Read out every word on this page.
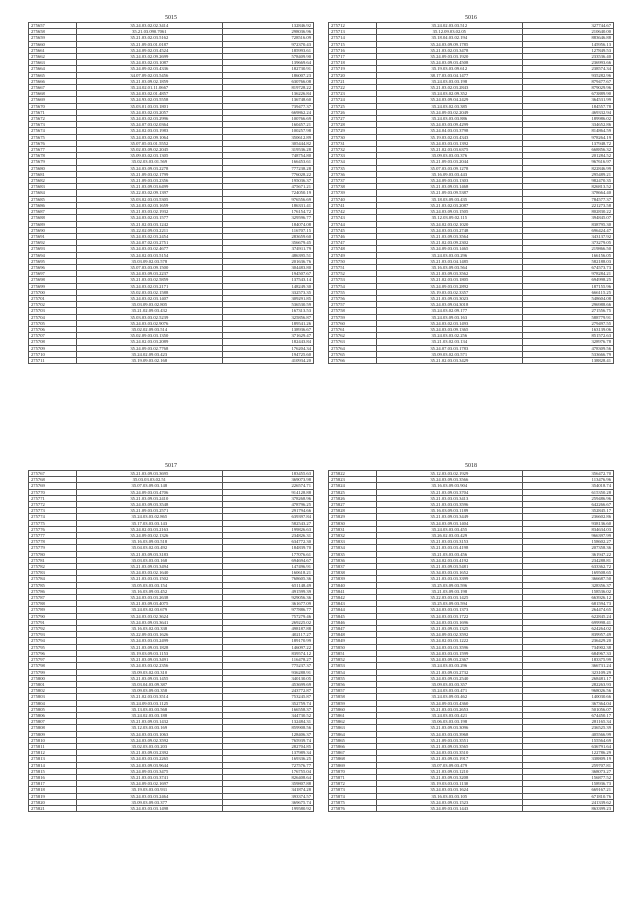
5015
275657	35.24.03.02.02.3414	132846.92
275658	35.21.03.090.7061	298036.96
275659	35.21.03.02.03.5162	728516.09
275660	35.21.09.03.01.0187	972370.43
275661	35.24.09.02.03.4524	185993.61
275662	35.24.03.02.09.2699	578409.90
275663	35.24.03.02.03.1087	139669.64
275664	35.24.09.02.03.4336	182730.91
275665	34.07.09.02.03.5456	186007.23
275666	35.21.03.09.02.1859	630766.08
275667	35.24.02.01.11.0667	819728.22
275668	35.24.03.02.01.4857	136226.84
275669	35.24.93.02.03.5558	136748.60
275670	35.03.01.03.03.1801	739477.37
275671	35.24.03.02.03.2057	669862.24
275672	35.24.03.02.03.2996	100766.69
275673	35.24.07.03.02.0364	160457.21
275674	35.24.02.03.03.1983	100257.98
275675	35.24.03.02.09.1064	350612.89
275676	35.07.05.03.01.5552	305444.82
275677	35.02.03.09.02.2045	319536.28
275678	35.09.03.02.03.1305	748754.80
275679	35.02.03.03.01.569	166453.61
275680	35.24.03.09.03.2278	777238.28
275681	35.21.09.03.02.1799	776028.22
275682	35.21.09.03.03.2356	195036.37
275683	35.21.03.09.03.6499	475671.21
275684	35.22.03.02.09.1397	724050.19
275685	35.03.02.03.03.5305	976556.69
275686	35.24.03.02.03.1659	186331.41
275687	35.21.03.03.02.1932	176154.72
275688	35.24.03.02.03.1577	329596.77
275689	35.21.02.03.03.1242	184074.08
275690	35.22.02.09.03.2211	116707.15
275691	35.24.03.02.03.2454	283659.60
275692	35.24.07.02.03.2751	356679.45
275693	35.24.03.03.02.4677	374911.79
275694	35.24.02.03.03.5154	486395.51
275695	35.03.09.02.03.578	201636.76
275696	35.07.03.03.09.1500	304483.80
275697	35.24.03.09.03.2237	194507.67
275698	35.21.03.03.02.5859	137543.14
275699	35.24.03.02.03.2171	148249.30
275700	35.02.03.03.02.1588	332573.35
275701	35.24.03.02.03.1407	309291.85
275702	35.03.09.03.02.805	536530.59
275703	35.21.02.09.03.432	167313.53
275704	35.03.03.03.02.5239	325856.87
275705	35.24.03.03.02.9076	189541.26
275706	35.02.02.09.03.514	138936.67
275707	35.02.09.03.03.1350	371629.47
275708	35.24.02.03.03.2089	182443.84
275709	35.24.09.03.02.7768	176204.34
275710	35.24.02.09.03.423	194725.60
275711	35.19.09.03.02.168	410934.20
5016
275712	35.24.02.03.03.512	327744.67
275713	35.12.09.03.02.05	210640.00
275714	35.18.04.03.02.194	883646.88
275715	35.24.03.09.09.1785	145956.13
275716	35.21.03.02.03.3478	127849.53
275717	35.24.09.03.03.1920	233536.40
275718	35.24.03.09.03.4508	236993.66
275719	35.19.03.03.09.612	238574.34
275720	38.17.03.03.04.1477	935282.96
275721	35.24.03.03.03.198	879477.67
275722	35.21.03.02.03.2843	879029.96
275723	35.24.03.02.09.352	673889.90
275724	35.24.03.09.04.2429	364531.99
275725	35.24.03.02.03.385	184557.78
275726	35.24.09.03.02.2049	469332.94
275727	35.24.03.03.03.886	189986.02
275728	35.24.03.03.09.4299	334652.86
275729	35.24.04.03.03.3798	814864.59
275730	35.19.03.02.03.4343	978264.19
275731	35.24.03.03.03.1392	137948.72
275732	35.21.02.03.03.6375	668856.32
275733	35.09.03.03.03.376	201284.52
275734	35.21.09.03.03.2044	967616.97
275735	35.07.03.03.09.1278	822846.99
275736	35.16.09.03.03.443	295489.21
275737	35.24.09.03.03.1303	982470.35
275738	35.21.03.09.03.1468	826813.52
275739	35.21.09.03.09.5387	378664.40
275740	35.18.03.09.03.435	784577.37
275741	35.21.03.02.03.2087	221273.58
275742	35.24.03.09.03.1505	802830.22
275743	35.12.03.09.02.115	394845.07
275744	35.24.02.03.02.1020	838795.30
275745	35.24.03.03.03.2748	696424.47
275746	35.21.03.09.03.3564	343137.92
275747	35.21.02.03.09.2302	373279.05
275748	35.24.09.03.03.1465	219866.50
275749	35.24.03.03.03.296	166156.05
275750	35.21.03.03.04.1485	582188.03
275751	35.16.03.09.03.564	674573.73
275752	35.21.03.09.03.3562	978284.21
275753	35.21.02.03.03.1805	694998.25
275754	35.24.09.03.03.2892	187155.96
275755	35.19.03.03.02.3357	666115.25
275756	35.21.03.09.03.3023	548604.08
275757	35.24.03.09.04.3018	296988.66
275758	35.24.03.02.09.177	271556.75
275759	35.24.03.09.03.163	588779.91
275760	35.24.03.02.03.1493	279497.55
275761	35.24.03.03.09.1365	163139.06
275762	35.24.03.03.02.256	851572.63
275763	35.21.03.02.03.134	328976.78
275764	35.24.07.03.03.1783	478309.56
275765	35.09.03.02.03.571	533666.79
275766	35.21.02.03.03.3429	138828.41
5017
275767	35.21.03.09.03.3695	183455.63
275768	35.03.03.03.02.51	369073.98
275769	35.07.03.09.03.148	226574.71
275770	35.24.09.03.03.4706	914128.88
275771	35.21.03.09.03.2410	378268.96
275772	35.24.03.09.03.3548	478796.25
275773	35.21.09.03.03.2571	291794.66
275774	35.24.03.03.02.865	639397.84
275775	35.17.03.03.03.143	582543.27
275776	35.24.02.03.03.2163	199826.63
275777	35.24.09.03.02.1326	234826.31
275778	35.16.03.09.03.518	634772.30
275779	35.04.03.02.03.492	184839.70
275780	35.21.03.09.03.3183	177076.61
275781	35.03.03.03.03.168	694694.67
275782	35.21.03.09.03.3494	147496.91
275783	35.24.03.03.02.1640	160618.21
275784	35.21.03.03.03.1502	768605.36
275785	35.05.03.03.03.154	651148.49
275786	35.16.03.09.03.452	491599.39
275787	35.24.03.03.03.2638	929056.36
275788	35.21.03.09.03.4075	361677.09
275789	35.24.03.02.03.679	977886.77
275790	35.24.03.03.02.3624	757279.46
275791	35.24.03.09.03.3641	269225.02
275792	35.16.03.02.03.338	498187.88
275793	35.22.09.03.03.1626	402117.27
275794	35.24.03.03.03.2499	189170.99
275795	35.21.03.09.03.1828	146097.22
275796	35.19.03.09.03.1153	839574.12
275797	35.21.03.09.03.3491	116478.27
275798	35.24.03.03.02.2356	775237.37
275799	35.09.03.02.03.310	936288.91
275800	35.21.03.09.03.1455	340130.05
275801	35.03.04.03.09.387	453699.69
275802	35.09.03.09.03.358	243772.87
275803	35.21.02.03.03.3514	753245.87
275804	35.24.09.03.03.1125	352759.74
275805	35.13.03.03.03.568	166558.37
275806	35.24.02.03.03.188	344730.52
275807	35.21.03.09.03.1432	132484.31
275808	35.12.03.03.03.169	859908.56
275809	35.24.03.03.03.1063	128406.37
275810	35.24.03.09.02.3592	765939.74
275811	35.02.03.03.03.203	282704.85
275812	35.21.03.09.03.2392	137989.34
275813	35.24.03.03.03.2265	169336.25
275814	35.24.03.09.03.9644	727576.77
275815	35.24.09.03.03.3475	176755.04
275816	35.21.03.03.03.3741	826408.64
275817	35.24.09.03.02.1697	359807.88
275818	35.19.03.03.03.931	341874.28
275819	35.24.03.03.03.2464	393374.57
275820	35.09.03.09.03.377	369675.74
275821	35.24.03.03.03.1498	199580.92
5018
275822	35.12.03.03.02.1929	356472.70
275823	35.24.03.09.03.3566	113476.96
275824	35.16.03.09.03.904	354018.74
275825	35.21.03.09.03.3704	615350.28
275826	35.21.03.03.03.3413	259486.96
275827	35.21.03.03.03.3596	642266.67
275828	35.16.03.09.03.1189	352845.17
275829	35.21.03.09.03.3449	236602.86
275830	35.24.03.09.03.1404	938136.60
275831	35.24.03.03.03.455	834634.03
275832	35.26.02.03.03.429	966397.99
275833	35.21.03.03.03.3153	158602.27
275834	35.21.03.03.03.4198	207358.36
275835	35.21.03.03.03.456	361947.22
275836	35.24.02.03.03.4192	234288.81
275837	35.21.03.09.03.5481	633362.72
275838	35.34.03.03.03.1652	169508.65
275839	35.21.03.03.03.3399	366687.50
275840	35.25.03.09.03.596	328356.37
275841	35.21.03.09.03.198	158536.02
275842	35.22.03.03.03.1425	663926.12
275843	35.25.03.09.03.594	681594.73
275844	35.24.03.03.03.1373	264474.65
275845	35.24.03.03.03.1722	622845.24
275846	35.24.03.03.03.1696	699998.41
275847	35.21.03.09.03.1325	624264.02
275848	35.24.09.03.02.3592	839957.49
275849	35.24.02.03.03.1222	236429.20
275850	35.24.03.03.03.3596	734902.38
275851	35.24.03.03.03.1599	684967.33
275852	35.24.03.09.03.2367	183375.99
275853	35.24.03.03.03.296	366731.24
275854	35.21.03.09.03.2732	323109.29
275855	35.24.03.09.03.2540	268481.17
275856	35.09.03.03.03.357	282263.93
275857	35.24.03.03.03.471	968026.56
275858	35.24.03.09.03.462	140030.66
275859	35.24.09.03.03.4360	367364.04
275860	35.21.03.03.03.2653	501056.07
275861	35.24.03.03.03.421	674450.17
275862	35.06.03.03.03.198	281165.34
275863	35.21.03.09.03.3096	236525.39
275864	35.24.03.03.03.3968	405566.99
275865	35.21.09.03.03.3551	155564.69
275866	35.21.03.09.03.3565	636791.64
275867	35.24.03.03.03.3510	122786.29
275868	35.21.03.09.03.1917	338809.19
275869	35.07.03.09.03.479	259707.81
275870	35.21.03.09.03.1210	368073.27
275871	35.21.03.09.03.3208	156877.52
275872	35.19.03.03.03.1130	158936.73
275873	35.24.03.03.03.1624	669167.21
275874	35.16.03.03.03.105	671810.76
275875	35.24.03.09.03.1523	241339.62
275876	35.24.09.03.03.1443	863399.23
